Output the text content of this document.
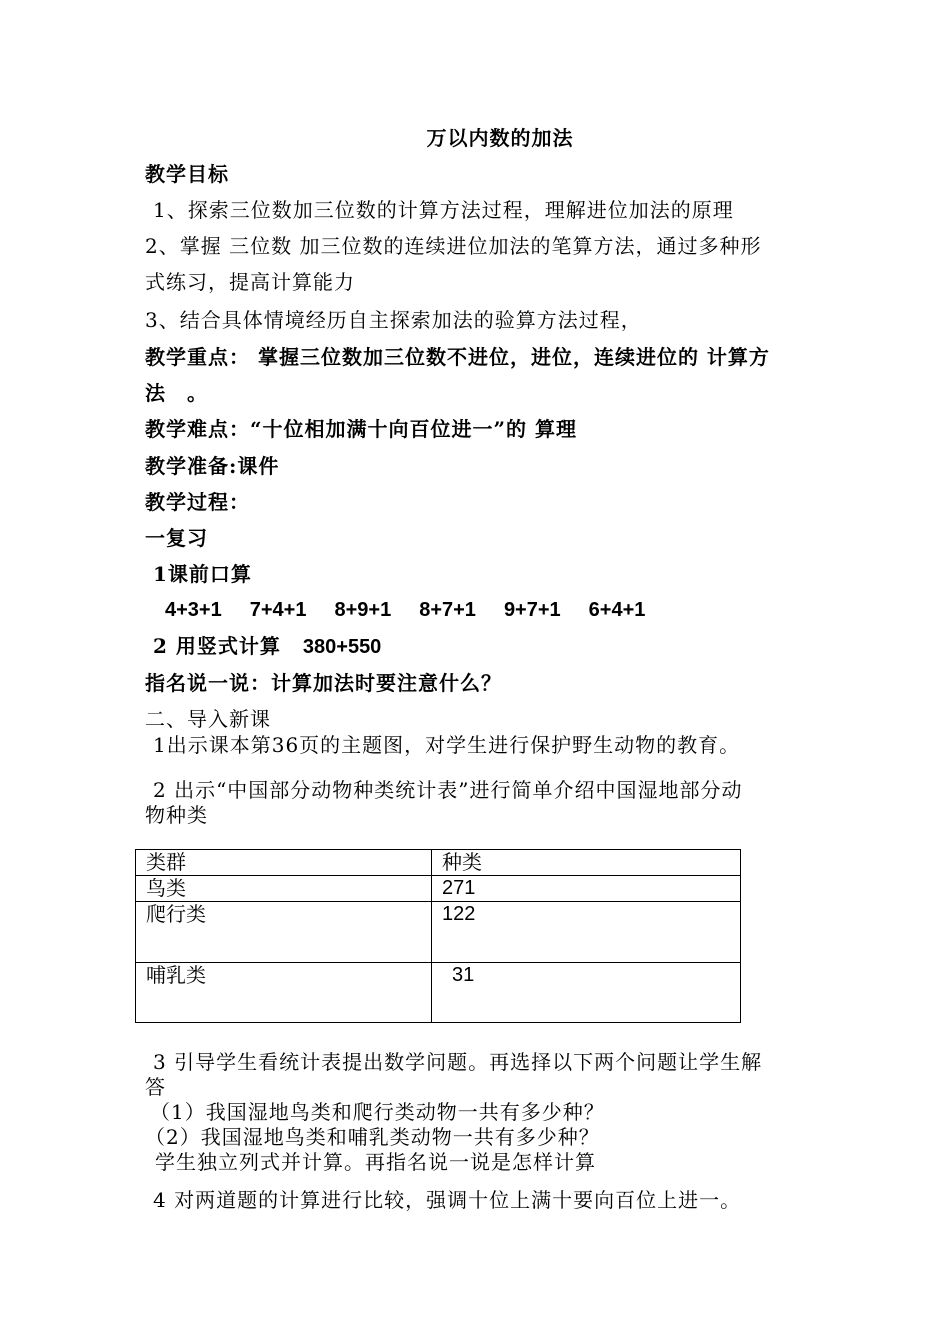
万以内数的加法
教学目标
1、探索三位数加三位数的计算方法过程，理解进位加法的原理
2、掌握 三位数 加三位数的连续进位加法的笔算方法，通过多种形
式练习，提高计算能力
3、结合具体情境经历自主探索加法的验算方法过程，
教学重点： 掌握三位数加三位数不进位，进位，连续进位的 计算方
法　。
教学难点：“十位相加满十向百位进一”的 算理
教学准备:课件
教学过程：
一复习
1课前口算
4+3+1 7+4+1 8+9+1 8+7+1 9+7+1 6+4+1
2 用竖式计算 380+550
指名说一说：计算加法时要注意什么？
二、导入新课
1出示课本第36页的主题图，对学生进行保护野生动物的教育。
2 出示“中国部分动物种类统计表”进行简单介绍中国湿地部分动
物种类
类群	种类
鸟类	271
爬行类	122
哺乳类	31
3 引导学生看统计表提出数学问题。再选择以下两个问题让学生解
答
（1）我国湿地鸟类和爬行类动物一共有多少种？
（2）我国湿地鸟类和哺乳类动物一共有多少种？
学生独立列式并计算。再指名说一说是怎样计算
4 对两道题的计算进行比较，强调十位上满十要向百位上进一。
